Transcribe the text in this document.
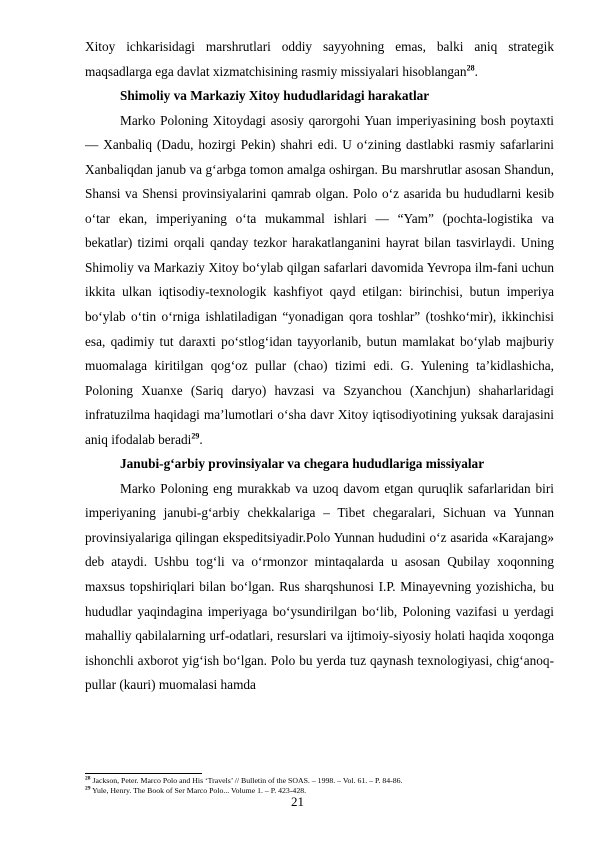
Xitoy ichkarisidagi marshrutlari oddiy sayyohning emas, balki aniq strategik maqsadlarga ega davlat xizmatchisining rasmiy missiyalari hisoblangan$^{28}$.

Shimoliy va Markaziy Xitoy hududlaridagi harakatlar

Marko Poloning Xitoydagi asosiy qarorgohi Yuan imperiyasining bosh poytaxti — Xanbaliq (Dadu, hozirgi Pekin) shahri edi. U o‘zining dastlabki rasmiy safarlarini Xanbaliqdan janub va g‘arbga tomon amalga oshirgan. Bu marshrutlar asosan Shandun, Shansi va Shensi provinsiyalarini qamrab olgan. Polo o‘z asarida bu hududlarni kesib o‘tar ekan, imperiyaning o‘ta mukammal ishlari — “Yam” (pochta-logistika va bekatlar) tizimi orqali qanday tezkor harakatlanganini hayrat bilan tasvirlaydi. Uning Shimoliy va Markaziy Xitoy bo‘ylab qilgan safarlari davomida Yevropa ilm-fani uchun ikkita ulkan iqtisodiy-texnologik kashfiyot qayd etilgan: birinchisi, butun imperiya bo‘ylab o‘tin o‘rniga ishlatiladigan “yonadigan qora toshlar” (toshko‘mir), ikkinchisi esa, qadimiy tut daraxti po‘stlog‘idan tayyorlanib, butun mamlakat bo‘ylab majburiy muomalaga kiritilgan qog‘oz pullar (chao) tizimi edi. G. Yulening ta’kidlashicha, Poloning Xuanxe (Sariq daryo) havzasi va Szyanchou (Xanchjun) shaharlaridagi infratuzilma haqidagi ma’lumotlari o‘sha davr Xitoy iqtisodiyotining yuksak darajasini aniq ifodalab beradi$^{29}$.

Janubi-g‘arbiy provinsiyalar va chegara hududlariga missiyalar

Marko Poloning eng murakkab va uzoq davom etgan quruqlik safarlaridan biri imperiyaning janubi-g‘arbiy chekkalariga – Tibet chegaralari, Sichuan va Yunnan provinsiyalariga qilingan ekspeditsiyadir.Polo Yunnan hududini o‘z asarida «Karajang» deb ataydi. Ushbu tog‘li va o‘rmonzor mintaqalarda u asosan Qubilay xoqonning maxsus topshiriqlari bilan bo‘lgan. Rus sharqshunosi I.P. Minayevning yozishicha, bu hududlar yaqindagina imperiyaga bo‘ysundirilgan bo‘lib, Poloning vazifasi u yerdagi mahalliy qabilalarning urf-odatlari, resurslari va ijtimoiy-siyosiy holati haqida xoqonga ishonchli axborot yig‘ish bo‘lgan. Polo bu yerda tuz qaynash texnologiyasi, chig‘anoq-pullar (kauri) muomalasi hamda

$^{28}$ Jackson, Peter. Marco Polo and His ‘Travels’ // Bulletin of the SOAS. – 1998. – Vol. 61. – P. 84-86.

$^{29}$ Yule, Henry. The Book of Ser Marco Polo... Volume 1. – P. 423-428.

21
